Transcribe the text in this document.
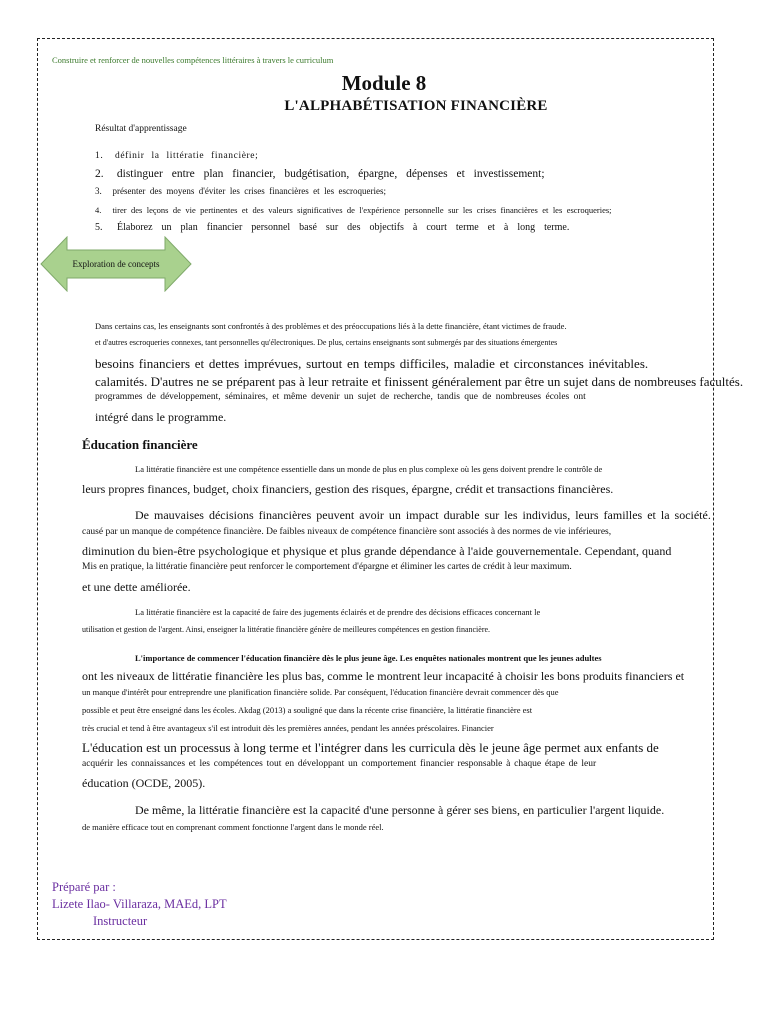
Construire et renforcer de nouvelles compétences littéraires à travers le curriculum
Module 8
L'ALPHABÉTISATION FINANCIÈRE
Résultat d'apprentissage
1. définir la littératie financière;
2. distinguer entre plan financier, budgétisation, épargne, dépenses et investissement;
3. présenter des moyens d'éviter les crises financières et les escroqueries;
4. tirer des leçons de vie pertinentes et des valeurs significatives de l'expérience personnelle sur les crises financières et les escroqueries;
5. Élaborez un plan financier personnel basé sur des objectifs à court terme et à long terme.
Exploration de concepts
Dans certains cas, les enseignants sont confrontés à des problèmes et des préoccupations liés à la dette financière, étant victimes de fraude.
et d'autres escroqueries connexes, tant personnelles qu'électroniques. De plus, certains enseignants sont submergés par des situations émergentes
besoins financiers et dettes imprévues, surtout en temps difficiles, maladie et circonstances inévitables.
calamités. D'autres ne se préparent pas à leur retraite et finissent généralement par être un sujet dans de nombreuses facultés.
programmes de développement, séminaires, et même devenir un sujet de recherche, tandis que de nombreuses écoles ont
intégré dans le programme.
Éducation financière
La littératie financière est une compétence essentielle dans un monde de plus en plus complexe où les gens doivent prendre le contrôle de
leurs propres finances, budget, choix financiers, gestion des risques, épargne, crédit et transactions financières.
De mauvaises décisions financières peuvent avoir un impact durable sur les individus, leurs familles et la société.
causé par un manque de compétence financière. De faibles niveaux de compétence financière sont associés à des normes de vie inférieures,
diminution du bien-être psychologique et physique et plus grande dépendance à l'aide gouvernementale. Cependant, quand
Mis en pratique, la littératie financière peut renforcer le comportement d'épargne et éliminer les cartes de crédit à leur maximum.
et une dette améliorée.
La littératie financière est la capacité de faire des jugements éclairés et de prendre des décisions efficaces concernant le
utilisation et gestion de l'argent. Ainsi, enseigner la littératie financière génère de meilleures compétences en gestion financière.
L'importance de commencer l'éducation financière dès le plus jeune âge. Les enquêtes nationales montrent que les jeunes adultes
ont les niveaux de littératie financière les plus bas, comme le montrent leur incapacité à choisir les bons produits financiers et
un manque d'intérêt pour entreprendre une planification financière solide. Par conséquent, l'éducation financière devrait commencer dès que
possible et peut être enseigné dans les écoles. Akdag (2013) a souligné que dans la récente crise financière, la littératie financière est
très crucial et tend à être avantageux s'il est introduit dès les premières années, pendant les années préscolaires. Financier
L'éducation est un processus à long terme et l'intégrer dans les curricula dès le jeune âge permet aux enfants de
acquérir les connaissances et les compétences tout en développant un comportement financier responsable à chaque étape de leur
éducation (OCDE, 2005).
De même, la littératie financière est la capacité d'une personne à gérer ses biens, en particulier l'argent liquide.
de manière efficace tout en comprenant comment fonctionne l'argent dans le monde réel.
Préparé par :
Lizete Ilao- Villaraza, MAEd, LPT
Instructeur
